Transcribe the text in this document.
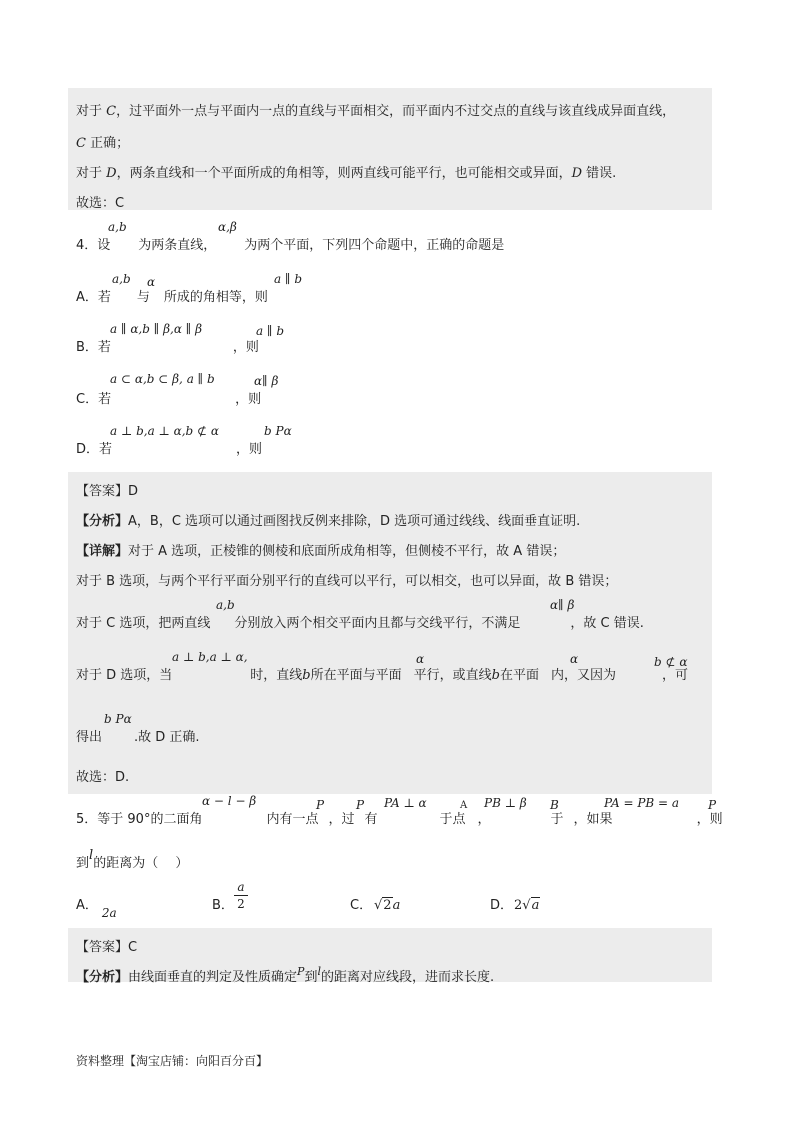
对于 C，过平面外一点与平面内一点的直线与平面相交，而平面内不过交点的直线与该直线成异面直线，
C 正确；
对于 D，两条直线和一个平面所成的角相等，则两直线可能平行，也可能相交或异面，D 错误.
故选：C
4．设 为两条直线， 为两个平面，下列四个命题中，正确的命题是
a,b	α,β
A．若 与 所成的角相等，则
a,b α	a ∥ b
B．若	，则
a ∥ α,b ∥ β,α ∥ β	a ∥ b
C．若	，则
a ⊂ α,b ⊂ β, a ∥ b	α∥ β
D．若	，则
a ⊥ b,a ⊥ α,b ⊄ α	b Pα
【答案】D
【分析】A，B，C 选项可以通过画图找反例来排除，D 选项可通过线线、线面垂直证明.
【详解】对于 A 选项，正棱锥的侧棱和底面所成角相等，但侧棱不平行，故 A 错误；
对于 B 选项，与两个平行平面分别平行的直线可以平行，可以相交，也可以异面，故 B 错误；
对于 C 选项，把两直线 分别放入两个相交平面内且都与交线平行，不满足	，故 C 错误.
a,b	α∥ β
对于 D 选项，当	时，直线b所在平面与平面 平行，或直线b在平面 内，又因为	，可
a ⊥ b,a ⊥ α,	α	α	b ⊄ α
得出 .故 D 正确.
b Pα
故选：D.
5．等于 90°的二面角	内有一点 ，过 有	于点 ，	于 ，如果	，则
α − l − β	P	P PA ⊥ α	A PB ⊥ β B	PA = PB = a P
到l的距离为（　 ）
A． 2a	B．
a
2	C． √2a	D． 2√a
【答案】C
【分析】由线面垂直的判定及性质确定$^P$到$^l$的距离对应线段，进而求长度.
资料整理【淘宝店铺：向阳百分百】
